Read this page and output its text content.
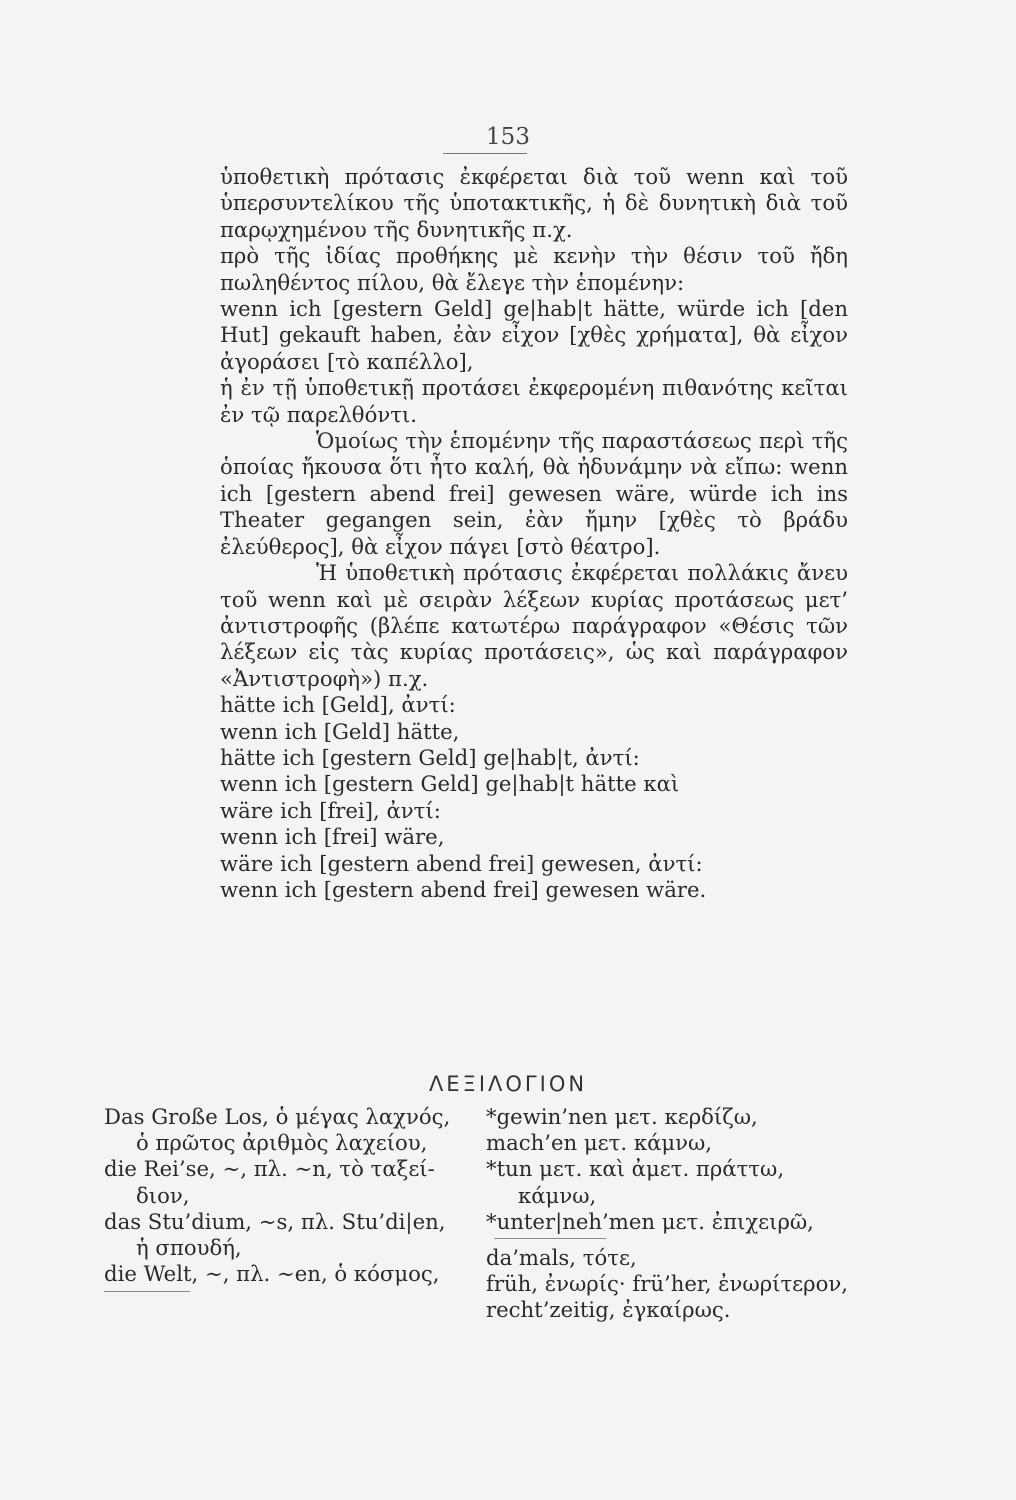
153

ὑποθετικὴ πρότασις ἐκφέρεται διὰ τοῦ wenn καὶ τοῦ ὑπερσυντελίκου τῆς ὑποτακτικῆς, ἡ δὲ δυνητικὴ διὰ τοῦ παρῳχημένου τῆς δυνητικῆς π.χ.

πρὸ τῆς ἰδίας προθήκης μὲ κενὴν τὴν θέσιν τοῦ ἤδη πωληθέντος πίλου, θὰ ἔλεγε τὴν ἑπομένην:

wenn ich [gestern Geld] ge|hab|t hätte, würde ich [den Hut] gekauft haben, ἐὰν εἶχον [χθὲς χρήματα], θὰ εἶχον ἀγοράσει [τὸ καπέλλο],

ἡ ἐν τῇ ὑποθετικῇ προτάσει ἐκφερομένη πιθανότης κεῖται ἐν τῷ παρελθόντι.

Ὁμοίως τὴν ἑπομένην τῆς παραστάσεως περὶ τῆς ὁποίας ἤκουσα ὅτι ἦτο καλή, θὰ ἠδυνάμην νὰ εἴπω: wenn ich [gestern abend frei] gewesen wäre, würde ich ins Theater gegangen sein, ἐὰν ἤμην [χθὲς τὸ βράδυ ἐλεύθερος], θὰ εἶχον πάγει [στὸ θέατρο].

Ἡ ὑποθετικὴ πρότασις ἐκφέρεται πολλάκις ἄνευ τοῦ wenn καὶ μὲ σειρὰν λέξεων κυρίας προτάσεως μετ’ ἀντιστροφῆς (βλέπε κατωτέρω παράγραφον «Θέσις τῶν λέξεων εἰς τὰς κυρίας προτάσεις», ὡς καὶ παράγραφον «Ἀντιστροφὴ») π.χ.

hätte ich [Geld], ἀντί:

wenn ich [Geld] hätte,

hätte ich [gestern Geld] ge|hab|t, ἀντί:

wenn ich [gestern Geld] ge|hab|t hätte καὶ

wäre ich [frei], ἀντί:

wenn ich [frei] wäre,

wäre ich [gestern abend frei] gewesen, ἀντί:

wenn ich [gestern abend frei] gewesen wäre.

ΛΕΞΙΛΟΓΙΟΝ
Das Große Los, ὁ μέγας λαχνός, ὁ πρῶτος ἀριθμὸς λαχείου,
die Rei’se, ∼, πλ. ∼n, τὸ ταξεί- διον,
das Stu’dium, ∼s, πλ. Stu’di|en, ἡ σπουδή,
die Welt, ∼, πλ. ∼en, ὁ κόσμος,
*gewin’nen μετ. κερδίζω,
mach’en μετ. κάμνω,
*tun μετ. καὶ ἀμετ. πράττω, κάμνω,
*unter|neh’men μετ. ἐπιχειρῶ,
da’mals, τότε,
früh, ἐνωρίς· frü’her, ἐνωρίτερον,
recht’zeitig, ἐγκαίρως.
